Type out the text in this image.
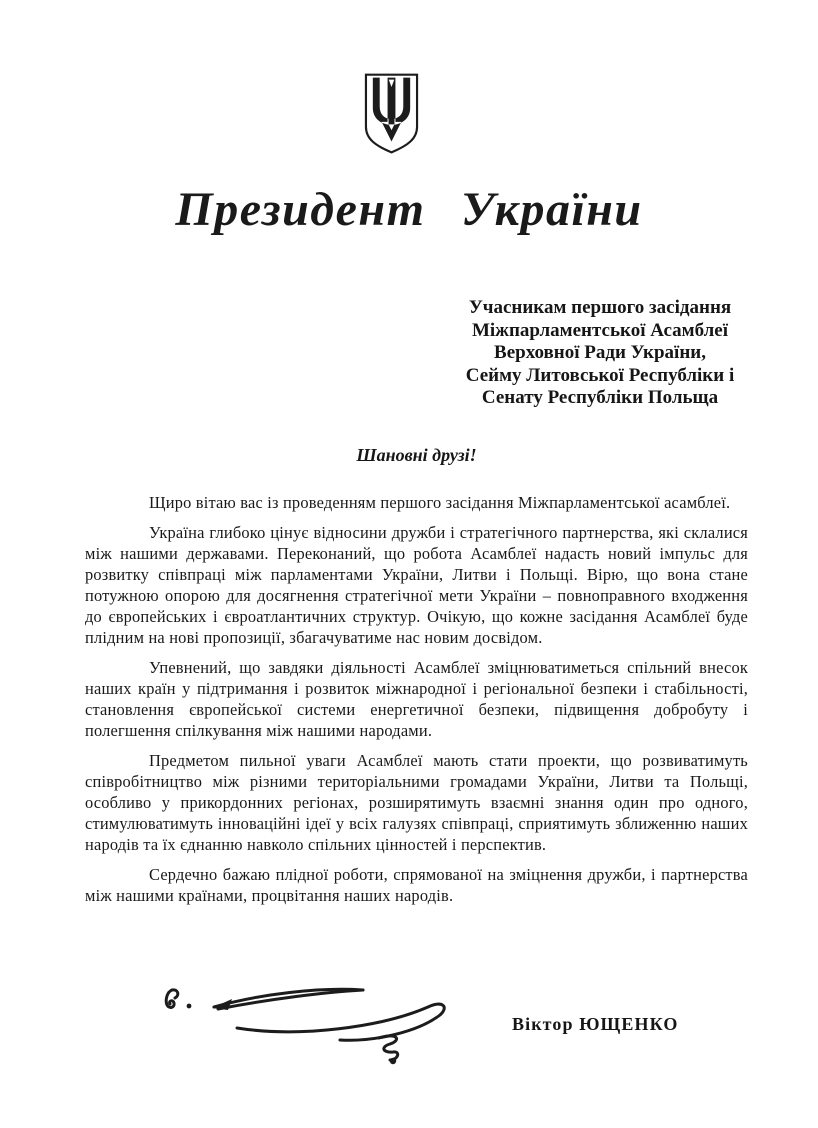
Президент України
Учасникам першого засідання
Міжпарламентської Асамблеї
Верховної Ради України,
Сейму Литовської Республіки і
Сенату Республіки Польща
Шановні друзі!

Щиро вітаю вас із проведенням першого засідання Міжпарламентської асамблеї.

Україна глибоко цінує відносини дружби і стратегічного партнерства, які склалися між нашими державами. Переконаний, що робота Асамблеї надасть новий імпульс для розвитку співпраці між парламентами України, Литви і Польщі. Вірю, що вона стане потужною опорою для досягнення стратегічної мети України – повноправного входження до європейських і євроатлантичних структур. Очікую, що кожне засідання Асамблеї буде плідним на нові пропозиції, збагачуватиме нас новим досвідом.

Упевнений, що завдяки діяльності Асамблеї зміцнюватиметься спільний внесок наших країн у підтримання і розвиток міжнародної і регіональної безпеки і стабільності, становлення європейської системи енергетичної безпеки, підвищення добробуту і полегшення спілкування між нашими народами.

Предметом пильної уваги Асамблеї мають стати проекти, що розвиватимуть співробітництво між різними територіальними громадами України, Литви та Польщі, особливо у прикордонних регіонах, розширятимуть взаємні знання один про одного, стимулюватимуть інноваційні ідеї у всіх галузях співпраці, сприятимуть зближенню наших народів та їх єднанню навколо спільних цінностей і перспектив.

Сердечно бажаю плідної роботи, спрямованої на зміцнення дружби, і партнерства між нашими країнами, процвітання наших народів.

Віктор ЮЩЕНКО
